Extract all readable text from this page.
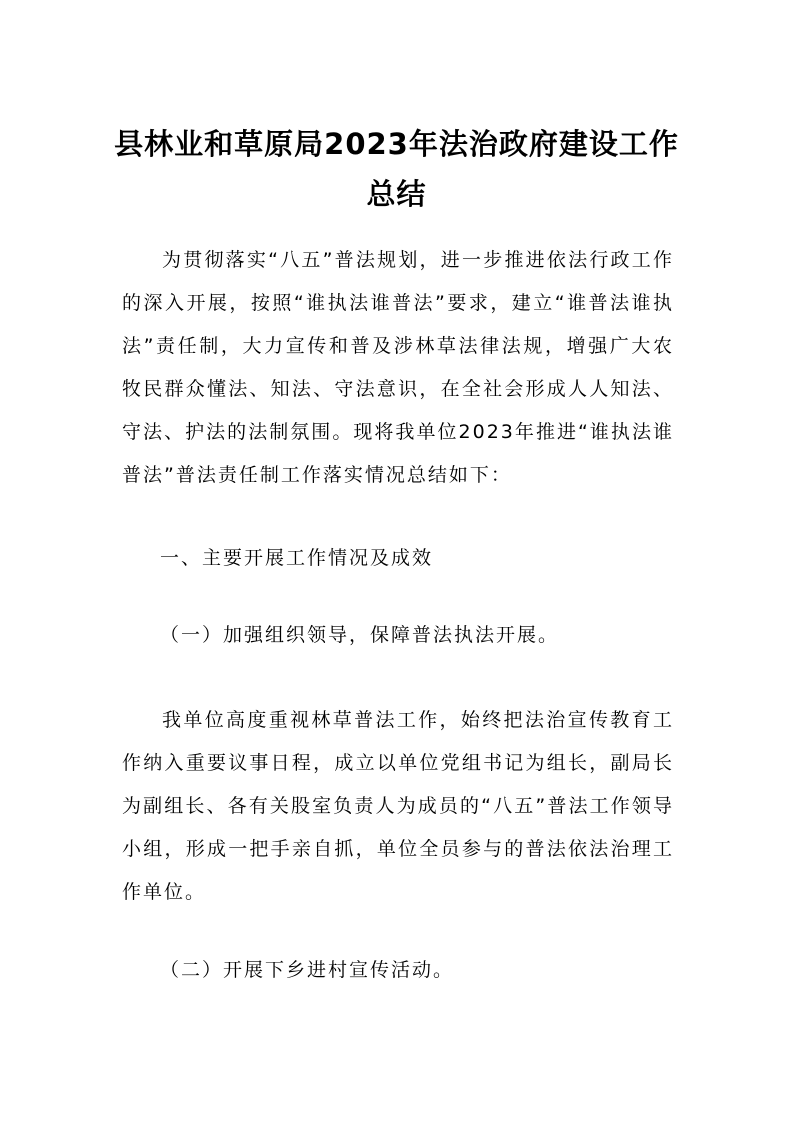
县林业和草原局2023年法治政府建设工作
总结
为贯彻落实“八五”普法规划，进一步推进依法行政工作的深入开展，按照“谁执法谁普法”要求，建立“谁普法谁执法”责任制，大力宣传和普及涉林草法律法规，增强广大农牧民群众懂法、知法、守法意识，在全社会形成人人知法、守法、护法的法制氛围。现将我单位2023年推进“谁执法谁普法”普法责任制工作落实情况总结如下：
一、主要开展工作情况及成效
（一）加强组织领导，保障普法执法开展。
我单位高度重视林草普法工作，始终把法治宣传教育工作纳入重要议事日程，成立以单位党组书记为组长，副局长为副组长、各有关股室负责人为成员的“八五”普法工作领导小组，形成一把手亲自抓，单位全员参与的普法依法治理工作单位。
（二）开展下乡进村宣传活动。
